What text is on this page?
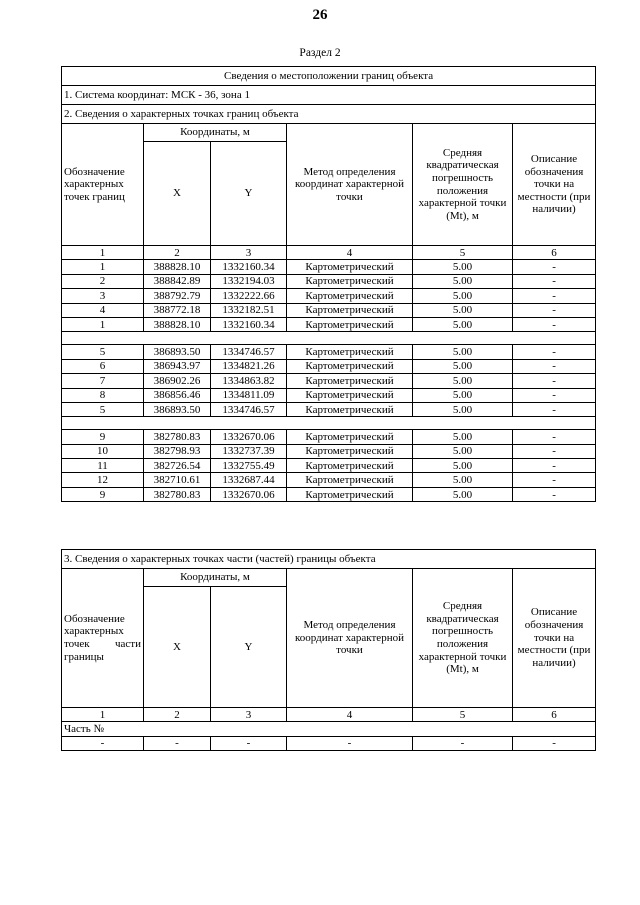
26
Раздел 2
Сведения о местоположении границ объекта					
1. Система координат: МСК - 36, зона 1					
2. Сведения о характерных точках границ объекта					
Обозначение характерных точек границ	Координаты, м		Метод определения координат характерной точки	Средняя квадратическая погрешность положения характерной точки (Mt), м	Описание обозначения точки на местности (при наличии)
	X	Y			
1	2	3	4	5	6
1	388828.10	1332160.34	Картометрический	5.00	-
2	388842.89	1332194.03	Картометрический	5.00	-
3	388792.79	1332222.66	Картометрический	5.00	-
4	388772.18	1332182.51	Картометрический	5.00	-
1	388828.10	1332160.34	Картометрический	5.00	-

5	386893.50	1334746.57	Картометрический	5.00	-
6	386943.97	1334821.26	Картометрический	5.00	-
7	386902.26	1334863.82	Картометрический	5.00	-
8	386856.46	1334811.09	Картометрический	5.00	-
5	386893.50	1334746.57	Картометрический	5.00	-

9	382780.83	1332670.06	Картометрический	5.00	-
10	382798.93	1332737.39	Картометрический	5.00	-
11	382726.54	1332755.49	Картометрический	5.00	-
12	382710.61	1332687.44	Картометрический	5.00	-
9	382780.83	1332670.06	Картометрический	5.00	-
3. Сведения о характерных точках части (частей) границы объекта					
Обозначение характерных точек части границы	Координаты, м		Метод определения координат характерной точки	Средняя квадратическая погрешность положения характерной точки (Mt), м	Описание обозначения точки на местности (при наличии)
	X	Y			
1	2	3	4	5	6
Часть №					
-	-	-	-	-	-
